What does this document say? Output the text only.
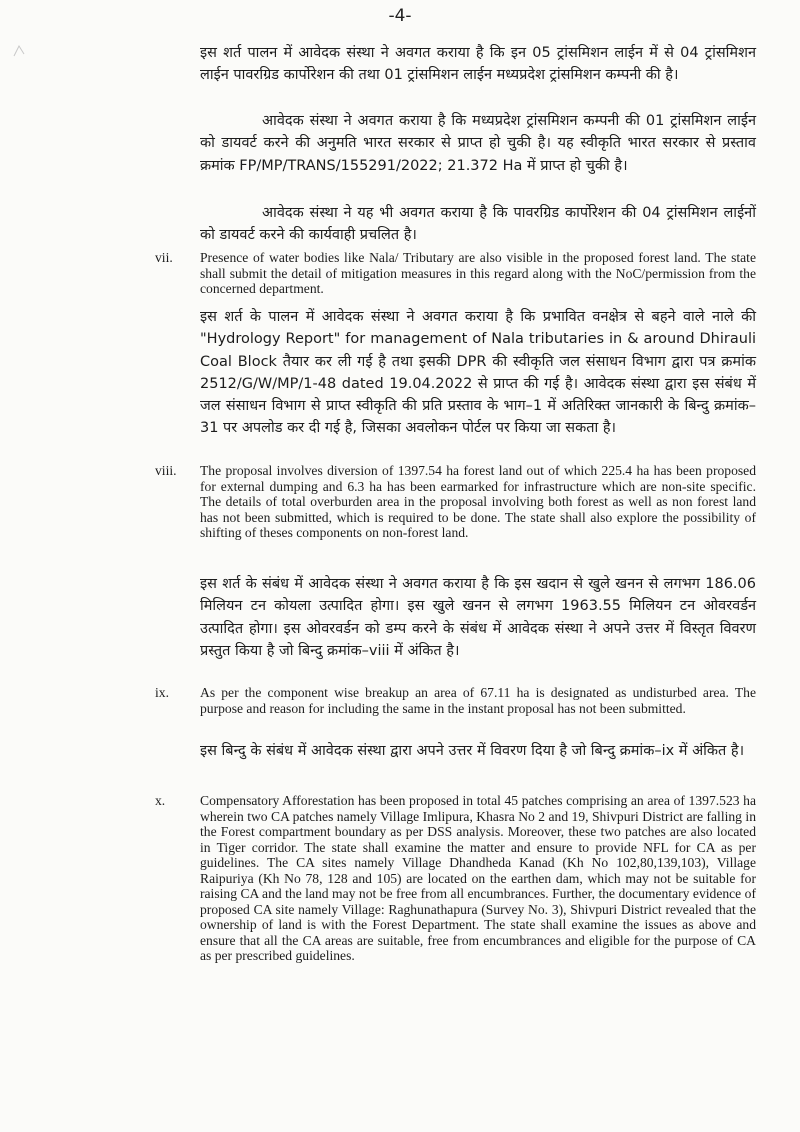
-4-

इस शर्त पालन में आवेदक संस्था ने अवगत कराया है कि इन 05 ट्रांसमिशन लाईन में से 04 ट्रांसमिशन लाईन पावरग्रिड कार्पोरेशन की तथा 01 ट्रांसमिशन लाईन मध्यप्रदेश ट्रांसमिशन कम्पनी की है।

आवेदक संस्था ने अवगत कराया है कि मध्यप्रदेश ट्रांसमिशन कम्पनी की 01 ट्रांसमिशन लाईन को डायवर्ट करने की अनुमति भारत सरकार से प्राप्त हो चुकी है। यह स्वीकृति भारत सरकार से प्रस्ताव क्रमांक FP/MP/TRANS/155291/2022; 21.372 Ha में प्राप्त हो चुकी है।

आवेदक संस्था ने यह भी अवगत कराया है कि पावरग्रिड कार्पोरेशन की 04 ट्रांसमिशन लाईनों को डायवर्ट करने की कार्यवाही प्रचलित है।

vii.	Presence of water bodies like Nala/ Tributary are also visible in the proposed forest land. The state shall submit the detail of mitigation measures in this regard along with the NoC/permission from the concerned department.

इस शर्त के पालन में आवेदक संस्था ने अवगत कराया है कि प्रभावित वनक्षेत्र से बहने वाले नाले की "Hydrology Report" for management of Nala tributaries in & around Dhirauli Coal Block तैयार कर ली गई है तथा इसकी DPR की स्वीकृति जल संसाधन विभाग द्वारा पत्र क्रमांक 2512/G/W/MP/1-48 dated 19.04.2022 से प्राप्त की गई है। आवेदक संस्था द्वारा इस संबंध में जल संसाधन विभाग से प्राप्त स्वीकृति की प्रति प्रस्ताव के भाग–1 में अतिरिक्त जानकारी के बिन्दु क्रमांक–31 पर अपलोड कर दी गई है, जिसका अवलोकन पोर्टल पर किया जा सकता है।

viii.	The proposal involves diversion of 1397.54 ha forest land out of which 225.4 ha has been proposed for external dumping and 6.3 ha has been earmarked for infrastructure which are non-site specific. The details of total overburden area in the proposal involving both forest as well as non forest land has not been submitted, which is required to be done. The state shall also explore the possibility of shifting of theses components on non-forest land.

इस शर्त के संबंध में आवेदक संस्था ने अवगत कराया है कि इस खदान से खुले खनन से लगभग 186.06 मिलियन टन कोयला उत्पादित होगा। इस खुले खनन से लगभग 1963.55 मिलियन टन ओवरवर्डन उत्पादित होगा। इस ओवरवर्डन को डम्प करने के संबंध में आवेदक संस्था ने अपने उत्तर में विस्तृत विवरण प्रस्तुत किया है जो बिन्दु क्रमांक–viii में अंकित है।

ix.	As per the component wise breakup an area of 67.11 ha is designated as undisturbed area. The purpose and reason for including the same in the instant proposal has not been submitted.

इस बिन्दु के संबंध में आवेदक संस्था द्वारा अपने उत्तर में विवरण दिया है जो बिन्दु क्रमांक–ix में अंकित है।

x.	Compensatory Afforestation has been proposed in total 45 patches comprising an area of 1397.523 ha wherein two CA patches namely Village Imlipura, Khasra No 2 and 19, Shivpuri District are falling in the Forest compartment boundary as per DSS analysis. Moreover, these two patches are also located in Tiger corridor. The state shall examine the matter and ensure to provide NFL for CA as per guidelines. The CA sites namely Village Dhandheda Kanad (Kh No 102,80,139,103), Village Raipuriya (Kh No 78, 128 and 105) are located on the earthen dam, which may not be suitable for raising CA and the land may not be free from all encumbrances. Further, the documentary evidence of proposed CA site namely Village: Raghunathapura (Survey No. 3), Shivpuri District revealed that the ownership of land is with the Forest Department. The state shall examine the issues as above and ensure that all the CA areas are suitable, free from encumbrances and eligible for the purpose of CA as per prescribed guidelines.
